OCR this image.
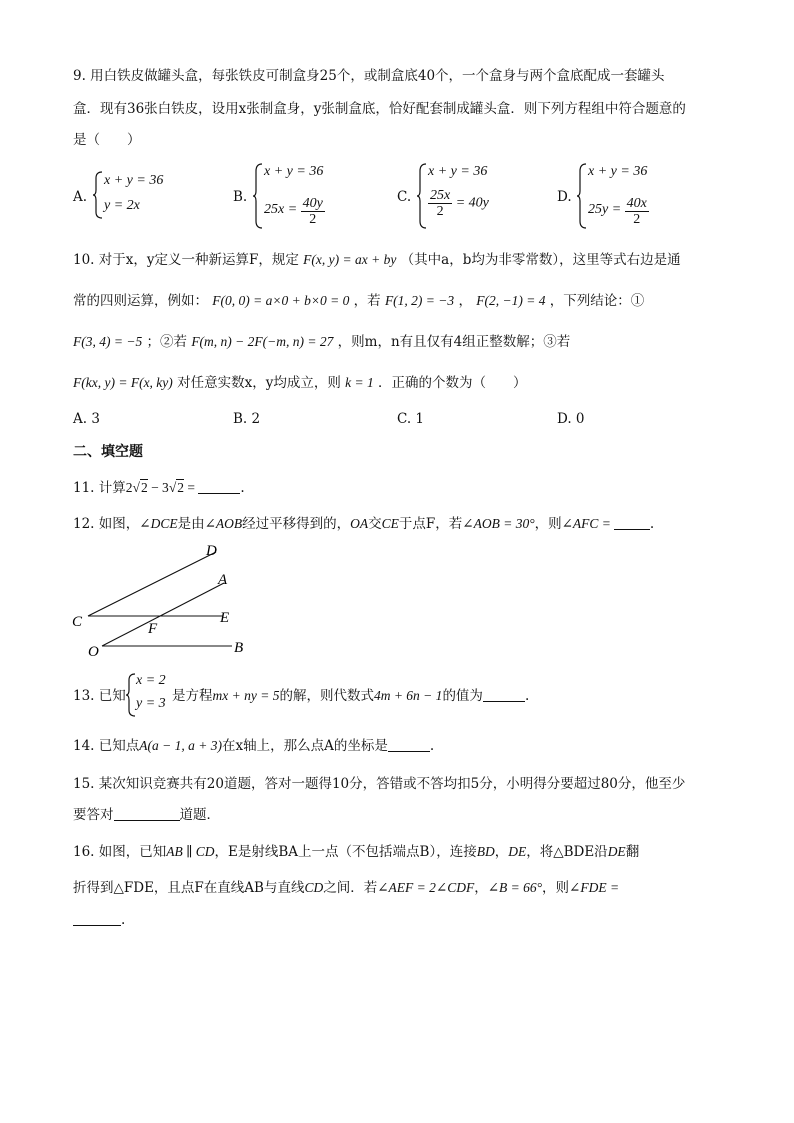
9. 用白铁皮做罐头盒，每张铁皮可制盒身25个，或制盒底40个，一个盒身与两个盒底配成一套罐头
盒．现有36张白铁皮，设用x张制盒身，y张制盒底，恰好配套制成罐头盒．则下列方程组中符合题意的
是（　　）
A.
x + y = 36
y = 2x
B.
x + y = 36
$25x = \frac{40y}{2}$	C.
x + y = 36
$\frac{25x}{2} = 40y$	D.
x + y = 36
$25y = \frac{40x}{2}$
10. 对于x，y定义一种新运算F，规定 F(x, y) = ax + by （其中a，b均为非零常数），这里等式右边是通
常的四则运算，例如： F(0, 0) = a×0 + b×0 = 0 ，若 F(1, 2) = −3 ， F(2, −1) = 4 ，下列结论：①
F(3, 4) = −5 ；②若 F(m, n) − 2F(−m, n) = 27 ，则m，n有且仅有4组正整数解；③若
F(kx, y) = F(x, ky) 对任意实数x，y均成立，则 k = 1 ．正确的个数为（　　）
A. 3	B. 2	C. 1	D. 0
二、填空题
11. 计算2√2 − 3√2 =	.
12. 如图，∠DCE是由∠AOB经过平移得到的，OA交CE于点F，若∠AOB = 30°，则∠AFC =	.
D
A
C	E
F
O	B
13. 已知
x = 2
y = 3 是方程mx + ny = 5的解，则代数式4m + 6n − 1的值为	.
14. 已知点A(a − 1, a + 3)在x轴上，那么点A的坐标是	.
15. 某次知识竞赛共有20道题，答对一题得10分，答错或不答均扣5分，小明得分要超过80分，他至少
要答对	道题．
16. 如图，已知AB ∥ CD，E是射线BA上一点（不包括端点B），连接BD，DE，将△BDE沿DE翻
折得到△FDE，且点F在直线AB与直线CD之间．若∠AEF = 2∠CDF，∠B = 66°，则∠FDE =
.
